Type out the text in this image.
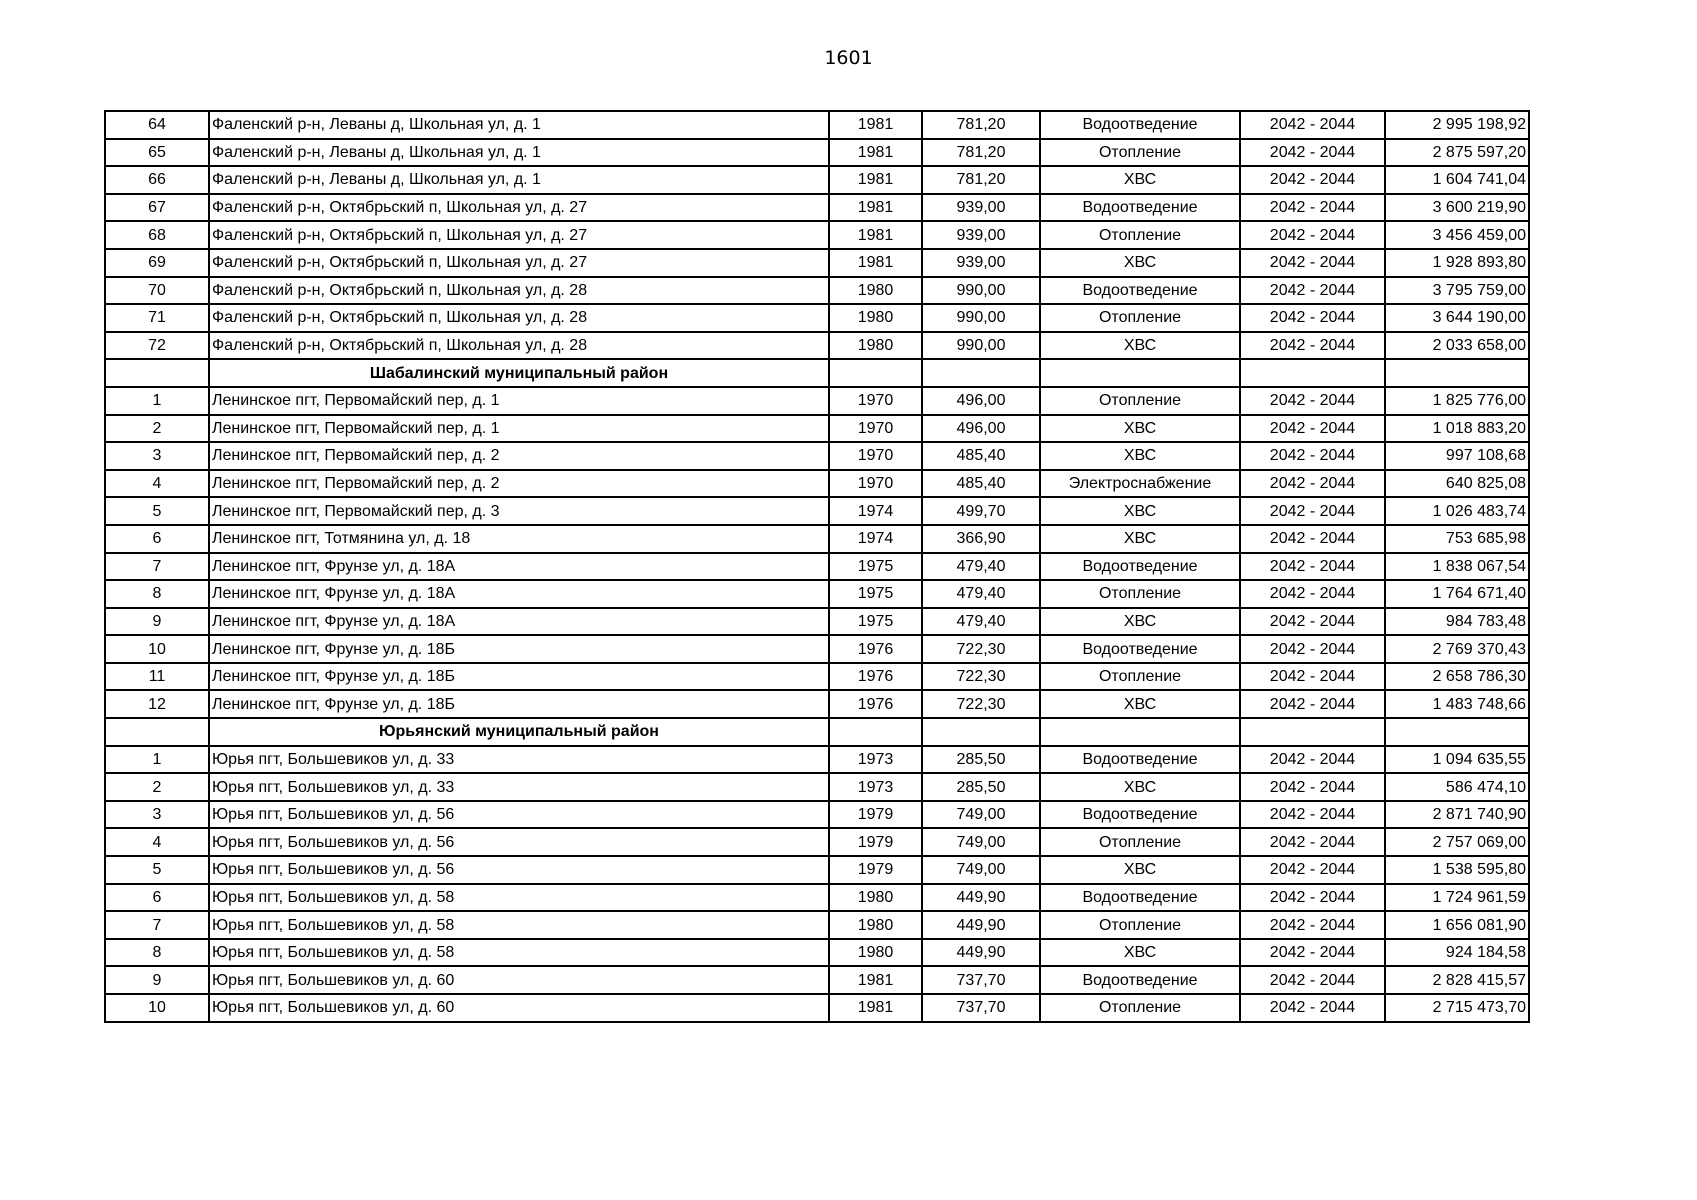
1601
64	Фаленский р-н, Леваны д, Школьная ул, д. 1	1981	781,20	Водоотведение	2042 - 2044	2 995 198,92
65	Фаленский р-н, Леваны д, Школьная ул, д. 1	1981	781,20	Отопление	2042 - 2044	2 875 597,20
66	Фаленский р-н, Леваны д, Школьная ул, д. 1	1981	781,20	ХВС	2042 - 2044	1 604 741,04
67	Фаленский р-н, Октябрьский п, Школьная ул, д. 27	1981	939,00	Водоотведение	2042 - 2044	3 600 219,90
68	Фаленский р-н, Октябрьский п, Школьная ул, д. 27	1981	939,00	Отопление	2042 - 2044	3 456 459,00
69	Фаленский р-н, Октябрьский п, Школьная ул, д. 27	1981	939,00	ХВС	2042 - 2044	1 928 893,80
70	Фаленский р-н, Октябрьский п, Школьная ул, д. 28	1980	990,00	Водоотведение	2042 - 2044	3 795 759,00
71	Фаленский р-н, Октябрьский п, Школьная ул, д. 28	1980	990,00	Отопление	2042 - 2044	3 644 190,00
72	Фаленский р-н, Октябрьский п, Школьная ул, д. 28	1980	990,00	ХВС	2042 - 2044	2 033 658,00
	Шабалинский муниципальный район					
1	Ленинское пгт, Первомайский пер, д. 1	1970	496,00	Отопление	2042 - 2044	1 825 776,00
2	Ленинское пгт, Первомайский пер, д. 1	1970	496,00	ХВС	2042 - 2044	1 018 883,20
3	Ленинское пгт, Первомайский пер, д. 2	1970	485,40	ХВС	2042 - 2044	997 108,68
4	Ленинское пгт, Первомайский пер, д. 2	1970	485,40	Электроснабжение	2042 - 2044	640 825,08
5	Ленинское пгт, Первомайский пер, д. 3	1974	499,70	ХВС	2042 - 2044	1 026 483,74
6	Ленинское пгт, Тотмянина ул, д. 18	1974	366,90	ХВС	2042 - 2044	753 685,98
7	Ленинское пгт, Фрунзе ул, д. 18А	1975	479,40	Водоотведение	2042 - 2044	1 838 067,54
8	Ленинское пгт, Фрунзе ул, д. 18А	1975	479,40	Отопление	2042 - 2044	1 764 671,40
9	Ленинское пгт, Фрунзе ул, д. 18А	1975	479,40	ХВС	2042 - 2044	984 783,48
10	Ленинское пгт, Фрунзе ул, д. 18Б	1976	722,30	Водоотведение	2042 - 2044	2 769 370,43
11	Ленинское пгт, Фрунзе ул, д. 18Б	1976	722,30	Отопление	2042 - 2044	2 658 786,30
12	Ленинское пгт, Фрунзе ул, д. 18Б	1976	722,30	ХВС	2042 - 2044	1 483 748,66
	Юрьянский муниципальный район					
1	Юрья пгт, Большевиков ул, д. 33	1973	285,50	Водоотведение	2042 - 2044	1 094 635,55
2	Юрья пгт, Большевиков ул, д. 33	1973	285,50	ХВС	2042 - 2044	586 474,10
3	Юрья пгт, Большевиков ул, д. 56	1979	749,00	Водоотведение	2042 - 2044	2 871 740,90
4	Юрья пгт, Большевиков ул, д. 56	1979	749,00	Отопление	2042 - 2044	2 757 069,00
5	Юрья пгт, Большевиков ул, д. 56	1979	749,00	ХВС	2042 - 2044	1 538 595,80
6	Юрья пгт, Большевиков ул, д. 58	1980	449,90	Водоотведение	2042 - 2044	1 724 961,59
7	Юрья пгт, Большевиков ул, д. 58	1980	449,90	Отопление	2042 - 2044	1 656 081,90
8	Юрья пгт, Большевиков ул, д. 58	1980	449,90	ХВС	2042 - 2044	924 184,58
9	Юрья пгт, Большевиков ул, д. 60	1981	737,70	Водоотведение	2042 - 2044	2 828 415,57
10	Юрья пгт, Большевиков ул, д. 60	1981	737,70	Отопление	2042 - 2044	2 715 473,70
